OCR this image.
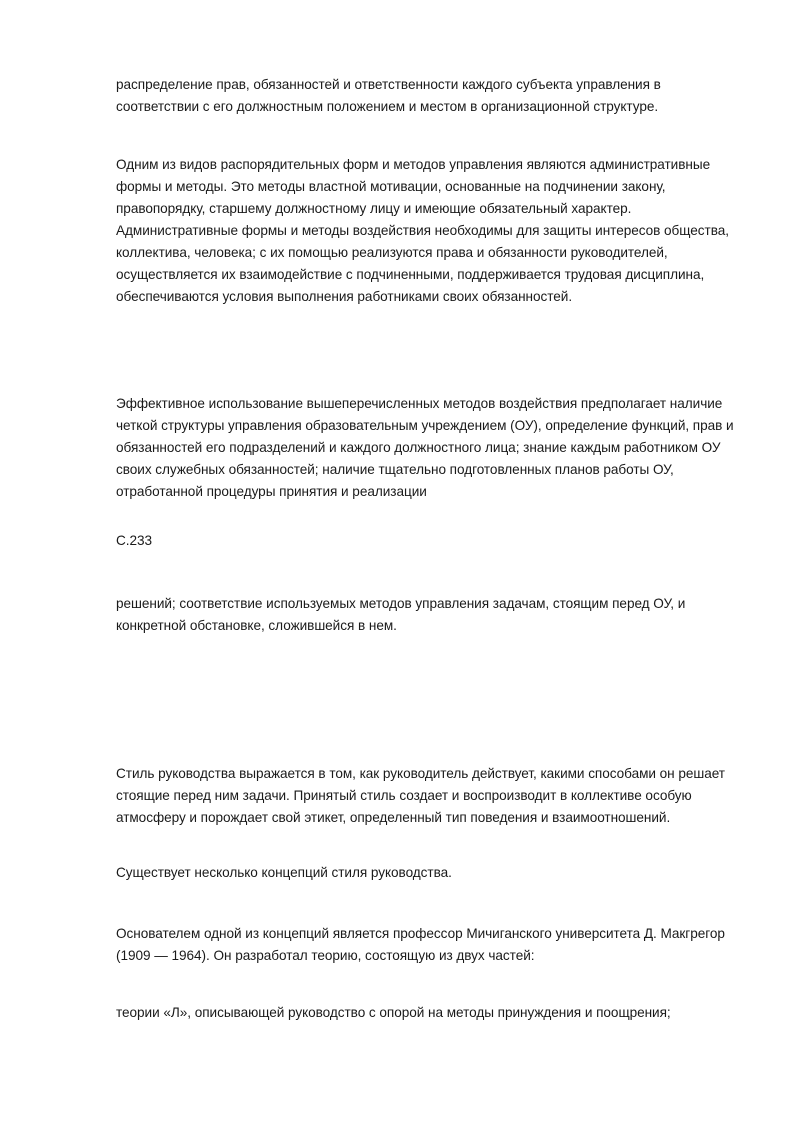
распределение прав, обязанностей и ответственности каждого субъекта управления в
соответствии с его должностным положением и местом в организационной структуре.

Одним из видов распорядительных форм и методов управления являются административные
формы и методы. Это методы властной мотивации, основанные на подчинении закону,
правопорядку, старшему должностному лицу и имеющие обязательный характер.
Административные формы и методы воздействия необходимы для защиты интересов общества,
коллектива, человека; с их помощью реализуются права и обязанности руководителей,
осуществляется их взаимодействие с подчиненными, поддерживается трудовая дисциплина,
обеспечиваются условия выполнения работниками своих обязанностей.

Эффективное использование вышеперечисленных методов воздействия предполагает наличие
четкой структуры управления образовательным учреждением (ОУ), определение функций, прав и
обязанностей его подразделений и каждого должностного лица; знание каждым работником ОУ
своих служебных обязанностей; наличие тщательно подготовленных планов работы ОУ,
отработанной процедуры принятия и реализации

С.233

решений; соответствие используемых методов управления задачам, стоящим перед ОУ, и
конкретной обстановке, сложившейся в нем.

Стиль руководства выражается в том, как руководитель действует, какими способами он решает
стоящие перед ним задачи. Принятый стиль создает и воспроизводит в коллективе особую
атмосферу и порождает свой этикет, определенный тип поведения и взаимоотношений.

Существует несколько концепций стиля руководства.

Основателем одной из концепций является профессор Мичиганского университета Д. Макгрегор
(1909 — 1964). Он разработал теорию, состоящую из двух частей:

теории «Л», описывающей руководство с опорой на методы принуждения и поощрения;
